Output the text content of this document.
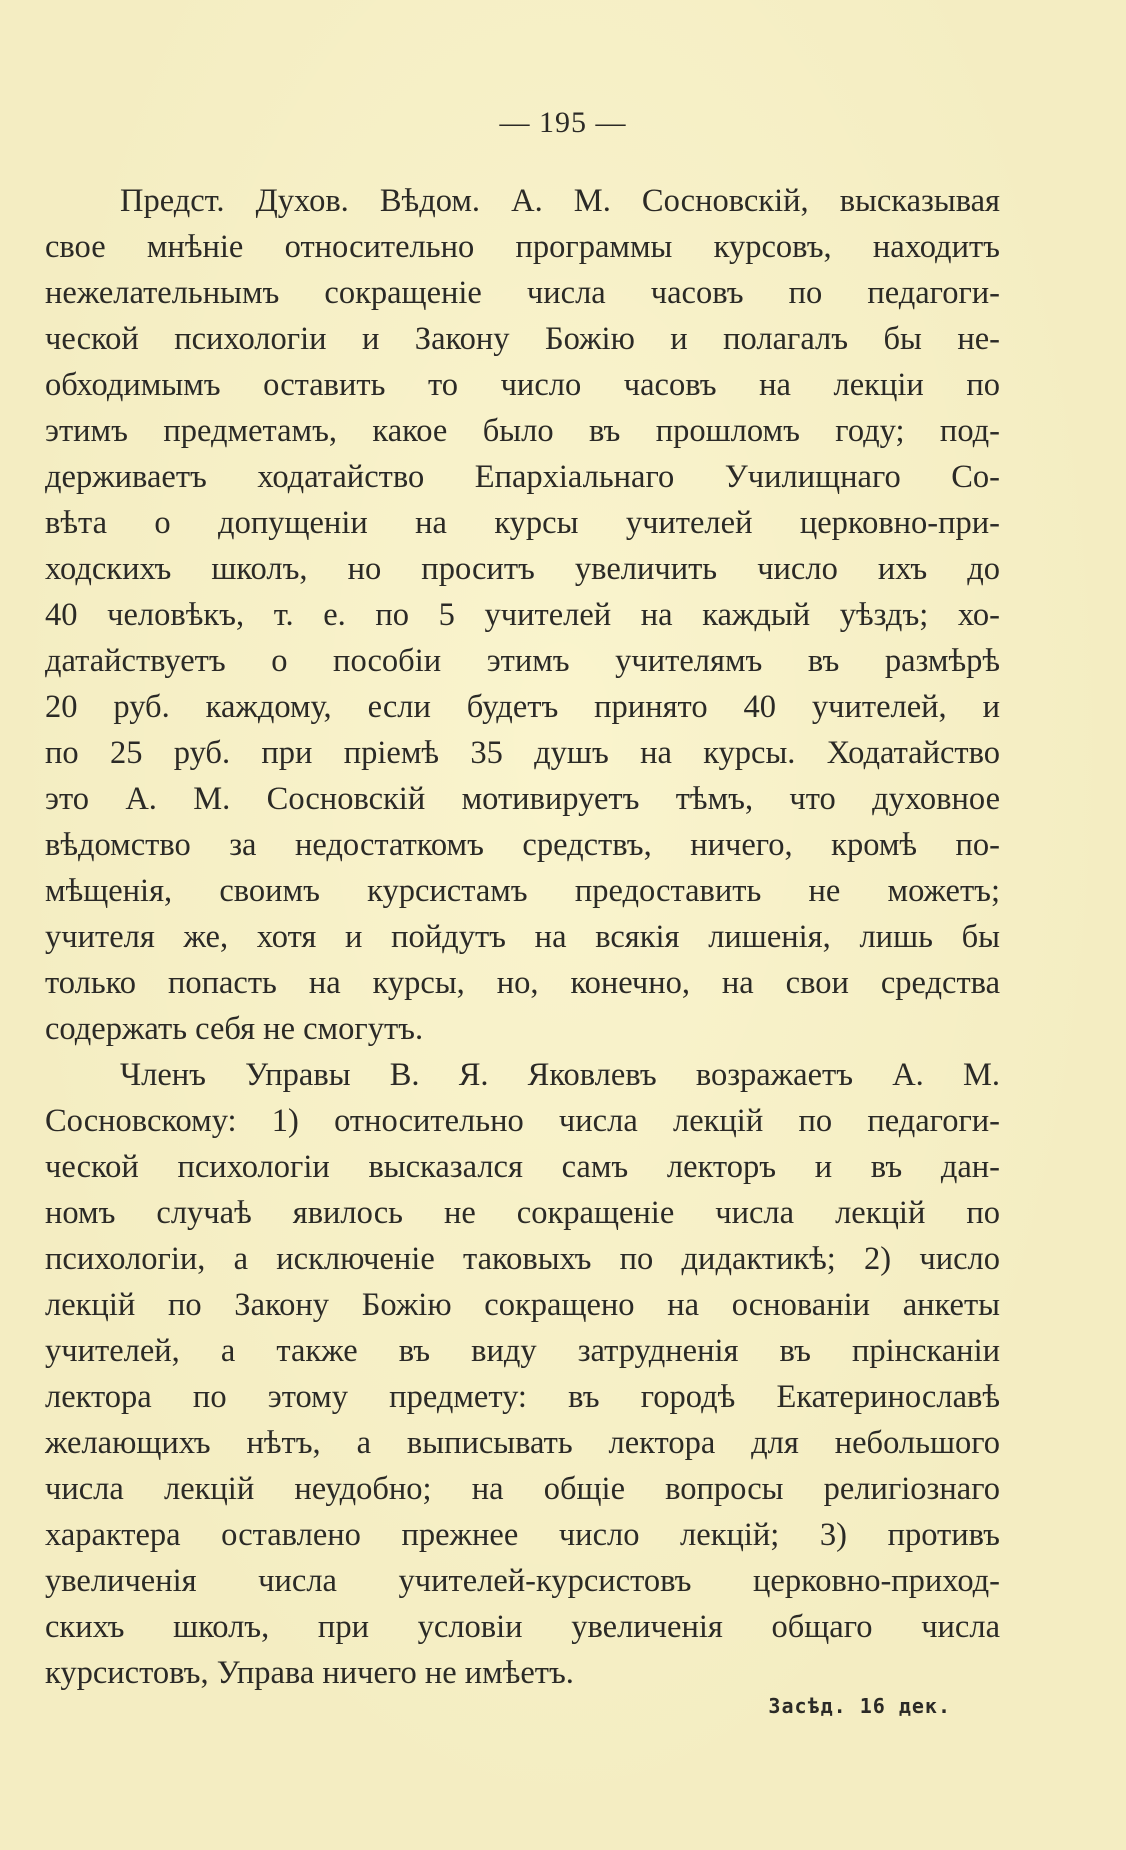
— 195 —
Предст. Духов. Вѣдом. А. М. Сосновскій, высказывая
свое мнѣніе относительно программы курсовъ, находитъ
нежелательнымъ сокращеніе числа часовъ по педагоги-
ческой психологіи и Закону Божію и полагалъ бы не-
обходимымъ оставить то число часовъ на лекціи по
этимъ предметамъ, какое было въ прошломъ году; под-
держиваетъ ходатайство Епархіальнаго Училищнаго Со-
вѣта о допущеніи на курсы учителей церковно-при-
ходскихъ школъ, но проситъ увеличить число ихъ до
40 человѣкъ, т. е. по 5 учителей на каждый уѣздъ; хо-
датайствуетъ о пособіи этимъ учителямъ въ размѣрѣ
20 руб. каждому, если будетъ принято 40 учителей, и
по 25 руб. при пріемѣ 35 душъ на курсы. Ходатайство
это А. М. Сосновскій мотивируетъ тѣмъ, что духовное
вѣдомство за недостаткомъ средствъ, ничего, кромѣ по-
мѣщенія, своимъ курсистамъ предоставить не можетъ;
учителя же, хотя и пойдутъ на всякія лишенія, лишь бы
только попасть на курсы, но, конечно, на свои средства
содержать себя не смогутъ.
Членъ Управы В. Я. Яковлевъ возражаетъ А. М.
Сосновскому: 1) относительно числа лекцій по педагоги-
ческой психологіи высказался самъ лекторъ и въ дан-
номъ случаѣ явилось не сокращеніе числа лекцій по
психологіи, а исключеніе таковыхъ по дидактикѣ; 2) число
лекцій по Закону Божію сокращено на основаніи анкеты
учителей, а также въ виду затрудненія въ прінсканіи
лектора по этому предмету: въ городѣ Екатеринославѣ
желающихъ нѣтъ, а выписывать лектора для небольшого
числа лекцій неудобно; на общіе вопросы религіознаго
характера оставлено прежнее число лекцій; 3) противъ
увеличенія числа учителей-курсистовъ церковно-приход-
скихъ школъ, при условіи увеличенія общаго числа
курсистовъ, Управа ничего не имѣетъ.
Засѣд. 16 дек.
